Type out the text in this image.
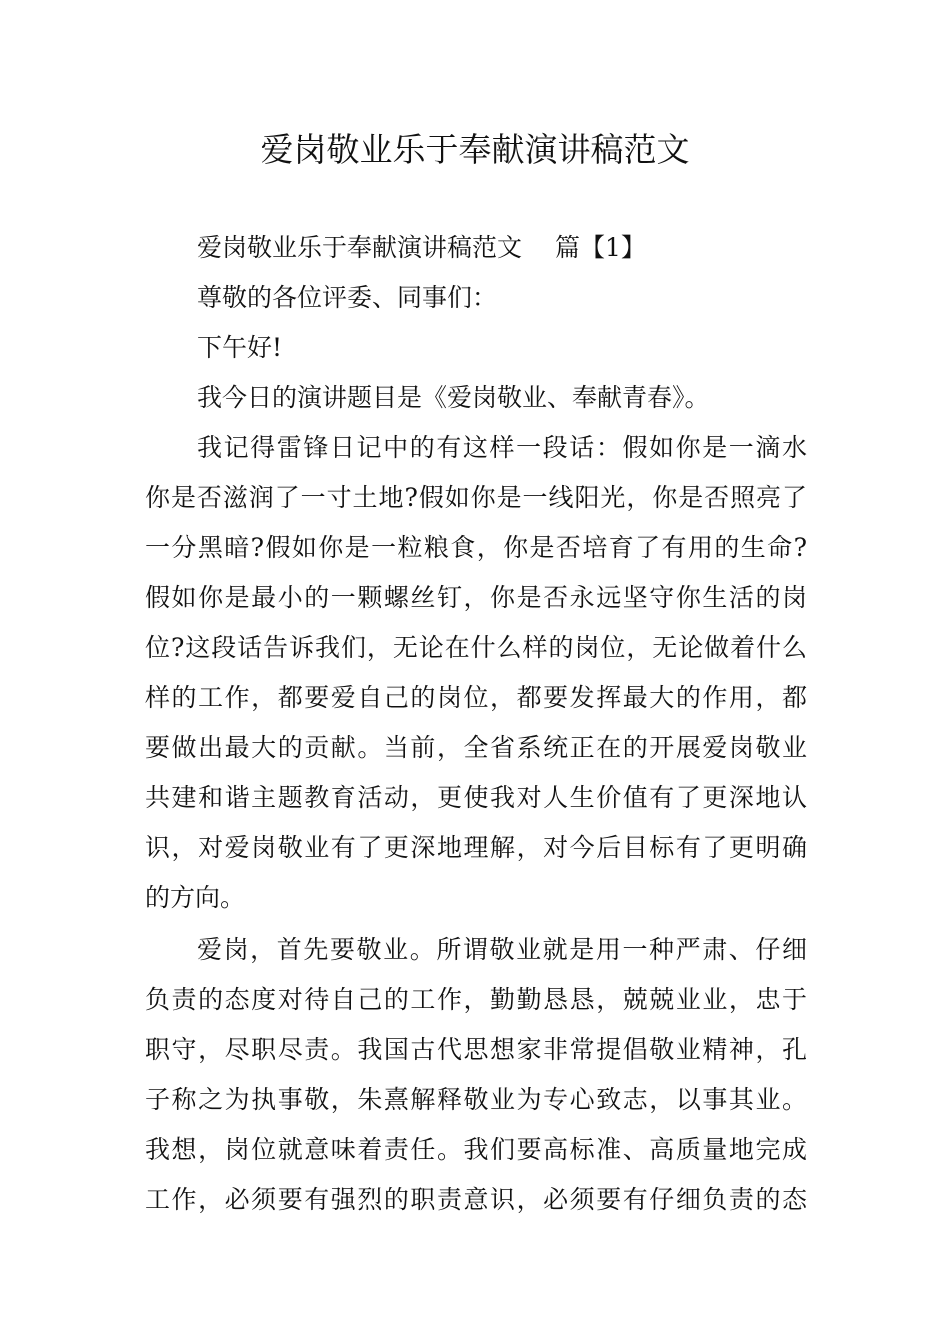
爱岗敬业乐于奉献演讲稿范文
爱岗敬业乐于奉献演讲稿范文　 篇【1】
尊敬的各位评委、同事们：
下午好!
我今日的演讲题目是《爱岗敬业、奉献青春》。
我记得雷锋日记中的有这样一段话：假如你是一滴水
你是否滋润了一寸土地?假如你是一线阳光，你是否照亮了
一分黑暗?假如你是一粒粮食，你是否培育了有用的生命?
假如你是最小的一颗螺丝钉，你是否永远坚守你生活的岗
位?这段话告诉我们，无论在什么样的岗位，无论做着什么
样的工作，都要爱自己的岗位，都要发挥最大的作用，都
要做出最大的贡献。当前，全省系统正在的开展爱岗敬业
共建和谐主题教育活动，更使我对人生价值有了更深地认
识，对爱岗敬业有了更深地理解，对今后目标有了更明确
的方向。
爱岗，首先要敬业。所谓敬业就是用一种严肃、仔细
负责的态度对待自己的工作，勤勤恳恳，兢兢业业，忠于
职守，尽职尽责。我国古代思想家非常提倡敬业精神，孔
子称之为执事敬，朱熹解释敬业为专心致志，以事其业。
我想，岗位就意味着责任。我们要高标准、高质量地完成
工作，必须要有强烈的职责意识，必须要有仔细负责的态
